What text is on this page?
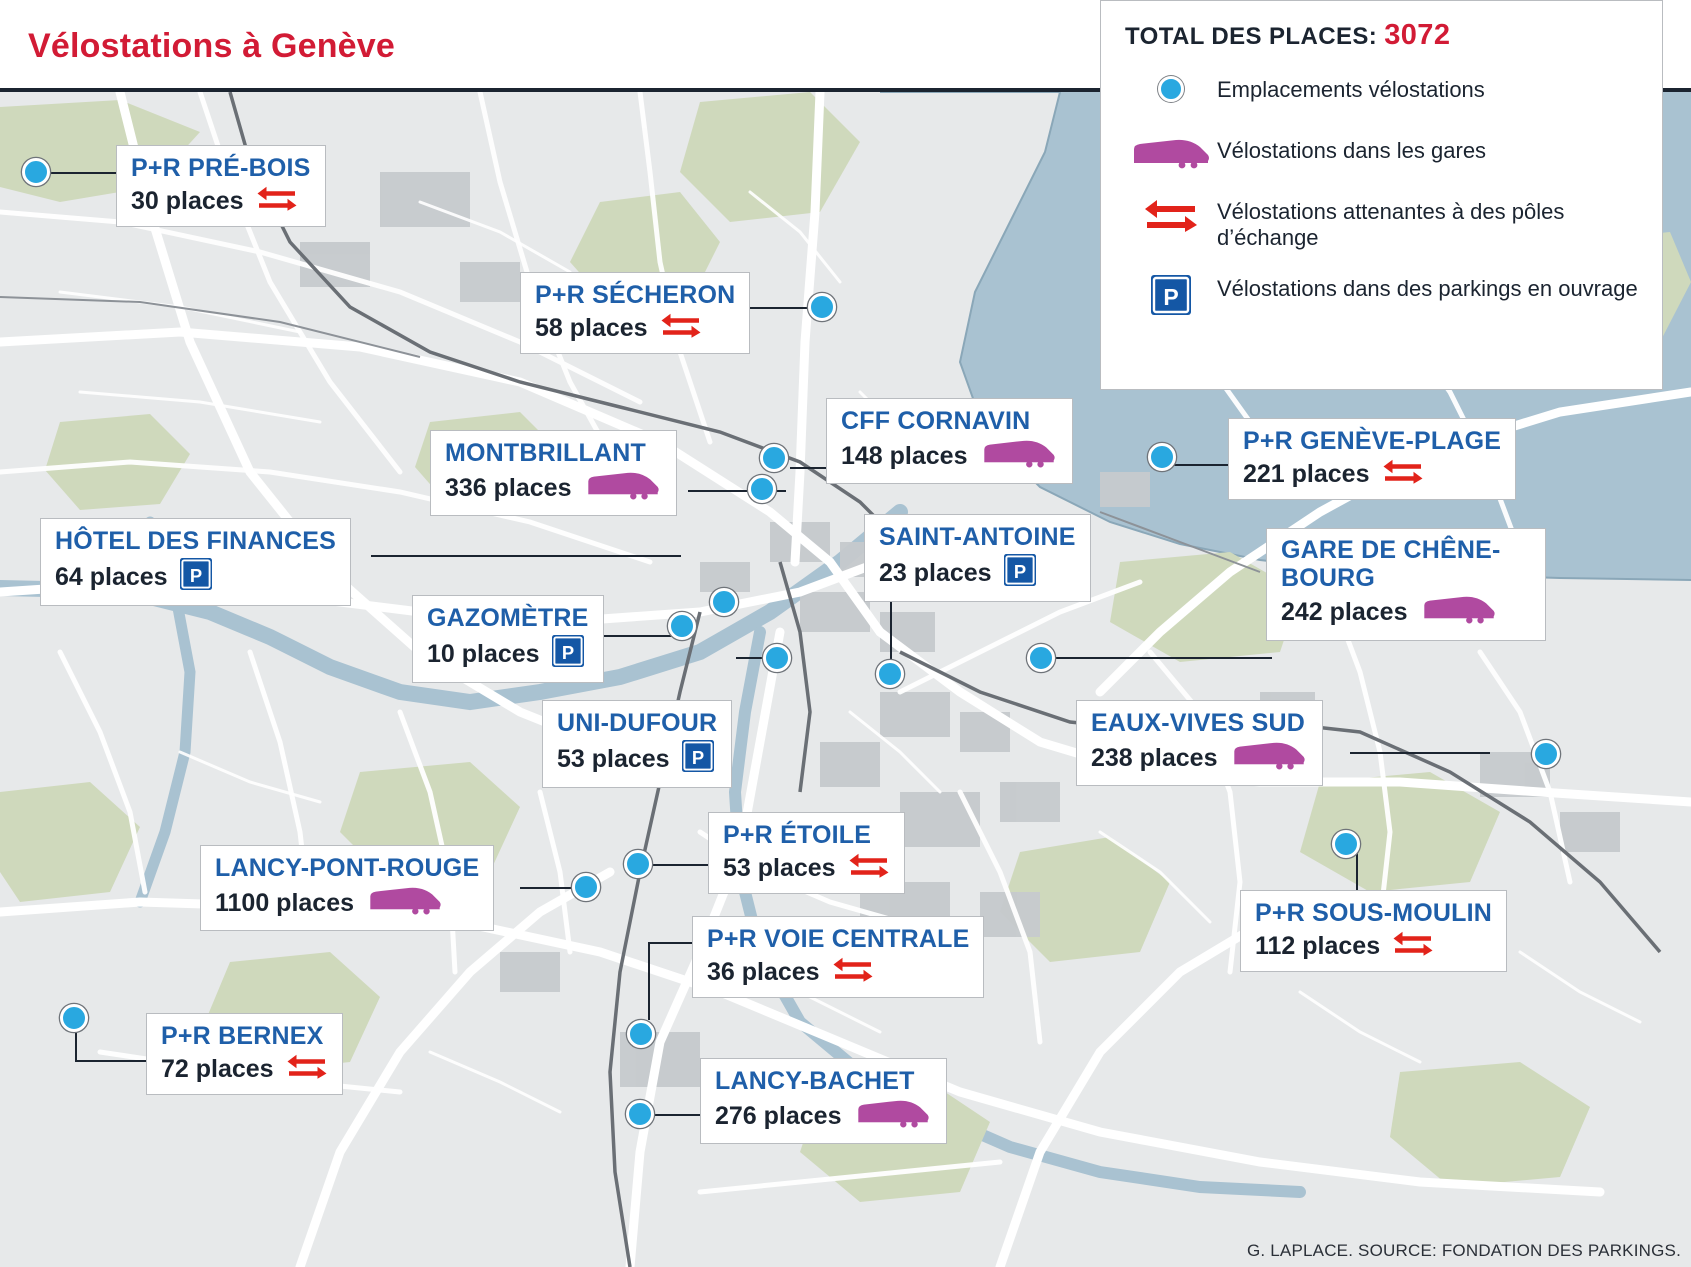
Vélostations à Genève	TOTAL DES PLACES: 3072
Emplacements vélostations
Vélostations dans les gares
Vélostations attenantes à des pôles d’échange
P Vélostations dans des parkings en ouvrage
P+R PRÉ-BOIS
30 places
P+R SÉCHERON
58 places
MONTBRILLANT
336 places
CFF CORNAVIN
148 places
P+R GENÈVE-PLAGE
221 places
HÔTEL DES FINANCES
64 places P
SAINT-ANTOINE
23 places P
GARE DE CHÊNE-BOURG
242 places
GAZOMÈTRE
10 places P
UNI-DUFOUR
53 places P
EAUX-VIVES SUD
238 places
P+R ÉTOILE
53 places
LANCY-PONT-ROUGE
1100 places	P+R SOUS-MOULIN
112 places
P+R VOIE CENTRALE
36 places
P+R BERNEX
72 places	LANCY-BACHET
276 places
G. LAPLACE. SOURCE: FONDATION DES PARKINGS.
